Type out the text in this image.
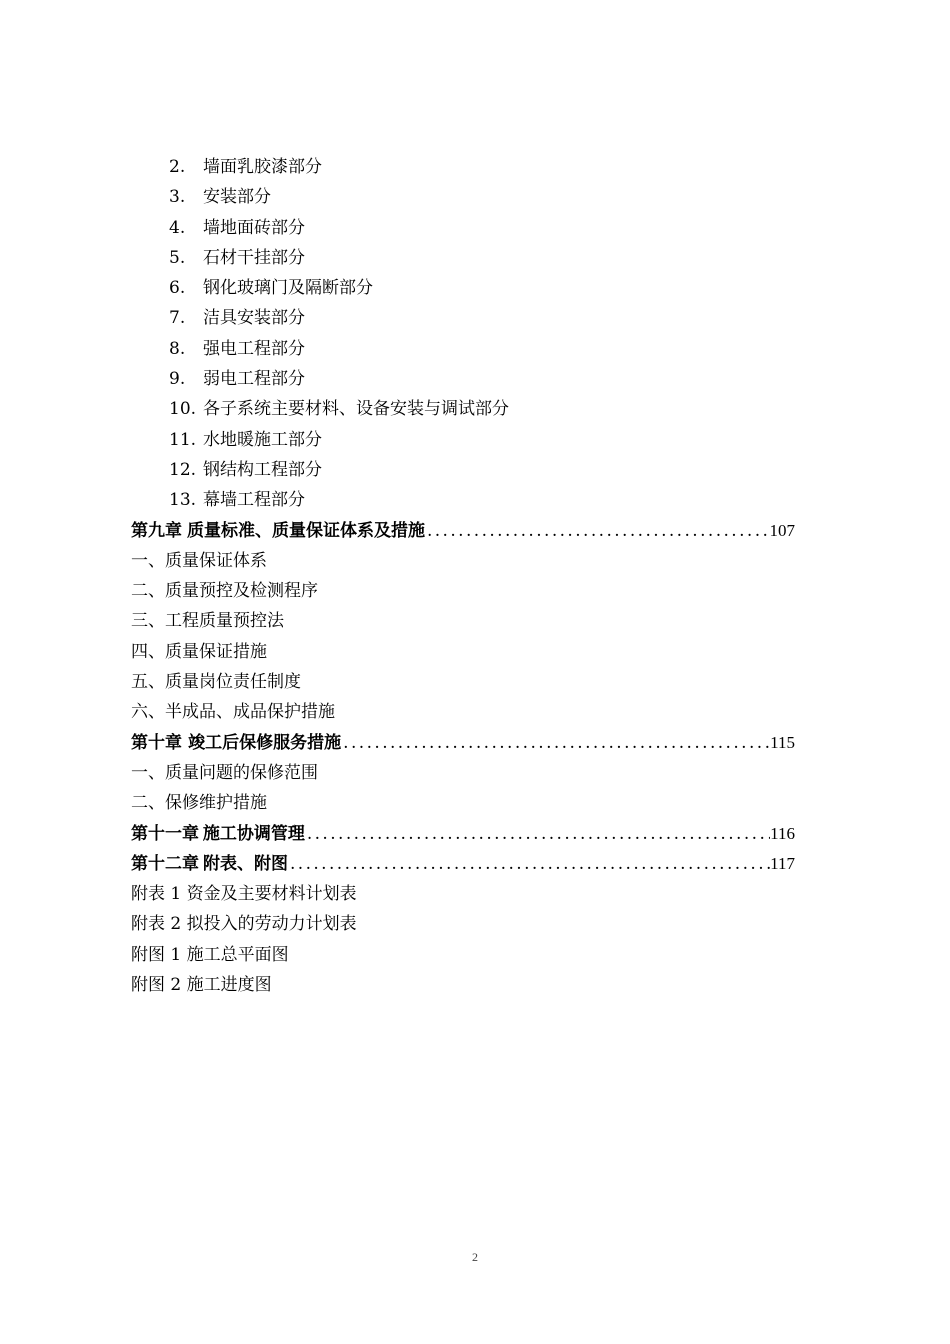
2.	墙面乳胶漆部分
3.	安装部分
4.	墙地面砖部分
5.	石材干挂部分
6.	钢化玻璃门及隔断部分
7.	洁具安装部分
8.	强电工程部分
9.	弱电工程部分
10. 各子系统主要材料、设备安装与调试部分
11. 水地暖施工部分
12. 钢结构工程部分
13. 幕墙工程部分
第九章 质量标准、质量保证体系及措施 .....	107
一、质量保证体系
二、质量预控及检测程序
三、工程质量预控法
四、质量保证措施
五、质量岗位责任制度
六、半成品、成品保护措施
第十章 竣工后保修服务措施 .....	115
一、质量问题的保修范围
二、保修维护措施
第十一章 施工协调管理 .....	116
第十二章 附表、附图 .....	117
附表 1 资金及主要材料计划表
附表 2 拟投入的劳动力计划表
附图 1 施工总平面图
附图 2 施工进度图
2
